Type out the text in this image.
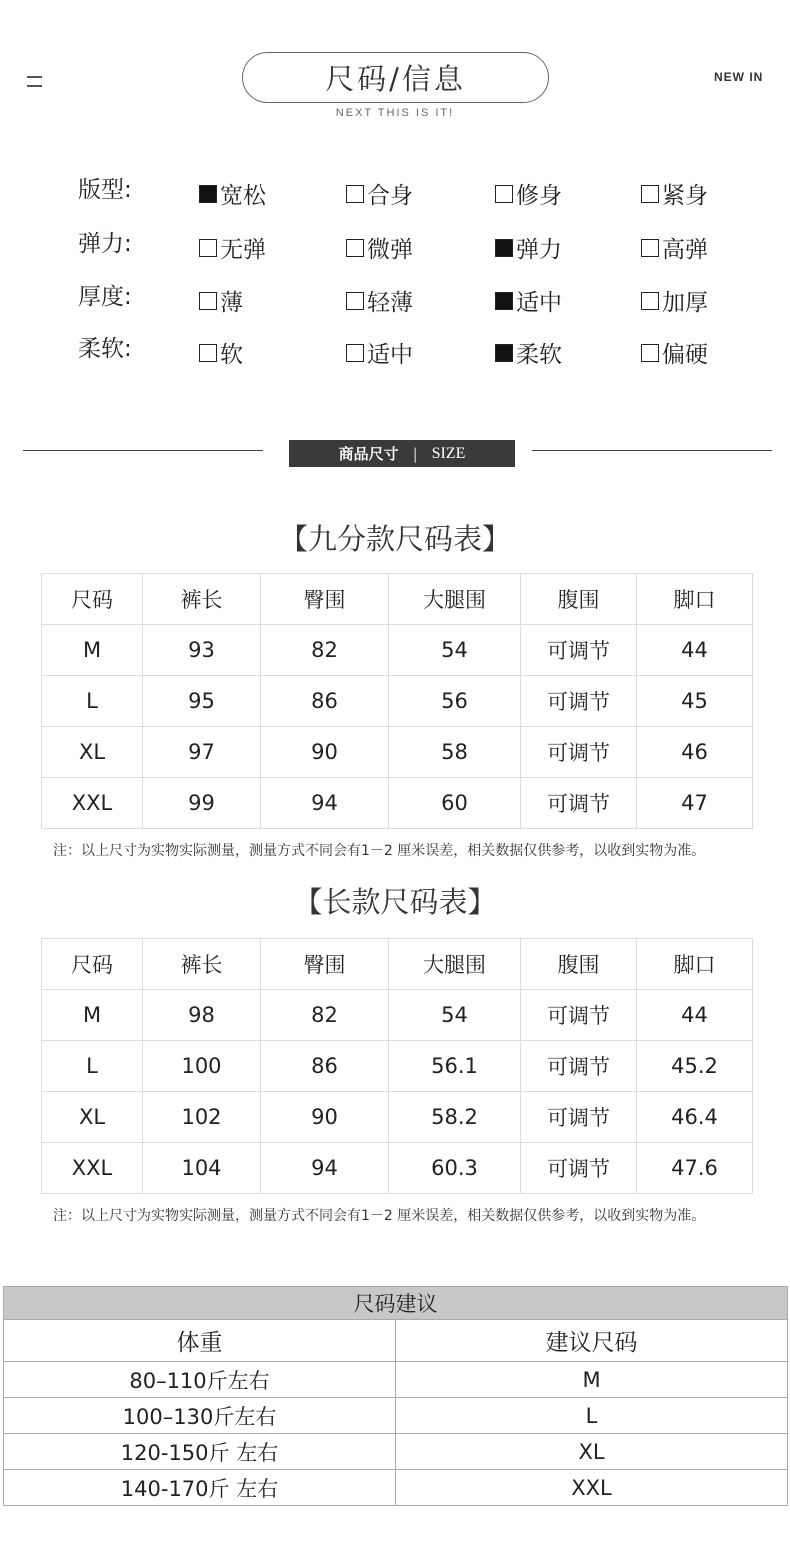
尺码/信息
NEXT THIS IS IT!
NEW IN
版型:	宽松	合身	修身	紧身
弹力:	无弹	微弹	弹力	高弹
厚度:	薄	轻薄	适中	加厚
柔软:	软	适中	柔软	偏硬
商品尺寸 | SIZE
【九分款尺码表】
尺码	裤长	臀围	大腿围	腹围	脚口
M	93	82	54	可调节	44
L	95	86	56	可调节	45
XL	97	90	58	可调节	46
XXL	99	94	60	可调节	47
注：以上尺寸为实物实际测量，测量方式不同会有1－2 厘米误差，相关数据仅供参考，以收到实物为准。
【长款尺码表】
尺码	裤长	臀围	大腿围	腹围	脚口
M	98	82	54	可调节	44
L	100	86	56.1	可调节	45.2
XL	102	90	58.2	可调节	46.4
XXL	104	94	60.3	可调节	47.6
注：以上尺寸为实物实际测量，测量方式不同会有1－2 厘米误差，相关数据仅供参考，以收到实物为准。
尺码建议	
体重	建议尺码
80–110斤左右	M
100–130斤左右	L
120-150斤 左右	XL
140-170斤 左右	XXL
